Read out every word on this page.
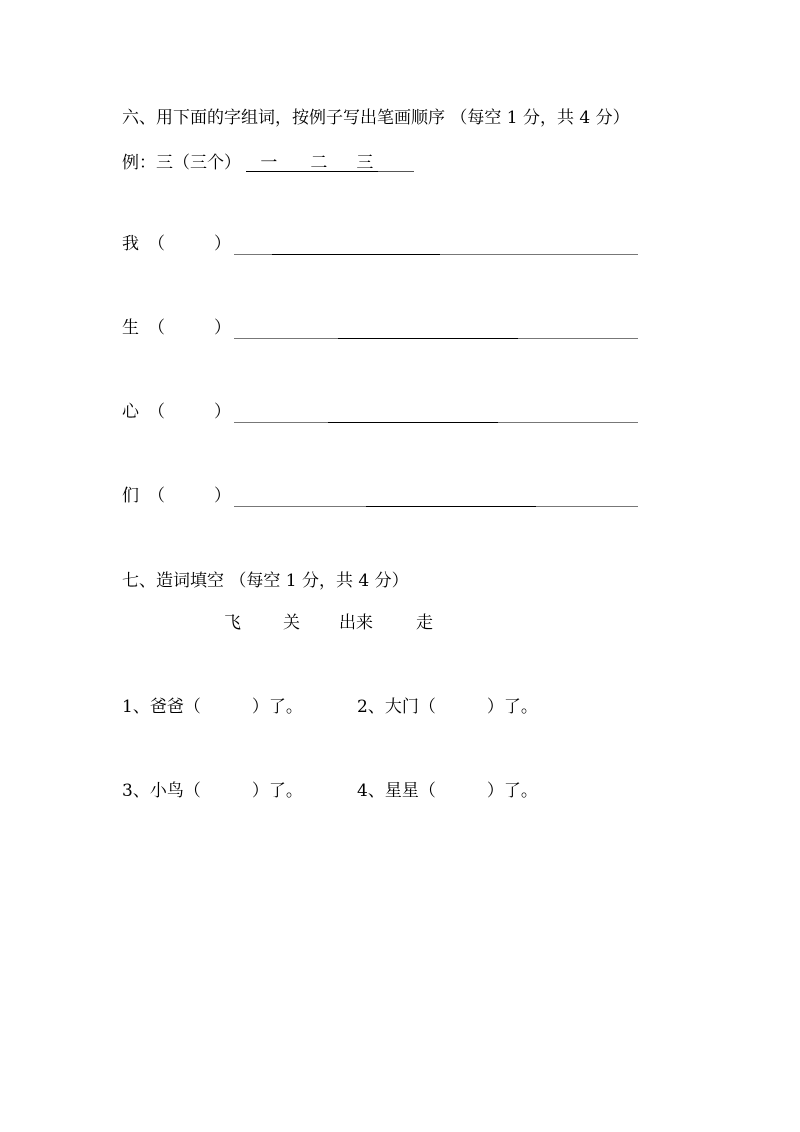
六、用下面的字组词，按例子写出笔画顺序 （每空 1 分，共 4 分）
例：三（三个） 一 二 三
我 （	）
生 （	）
心 （	）
们 （	）
七、造词填空 （每空 1 分，共 4 分）
飞 关 出来	走
1、爸爸（　　　）了。	2、大门（　　　）了。
3、小鸟（　　　）了。	4、星星（　　　）了。
